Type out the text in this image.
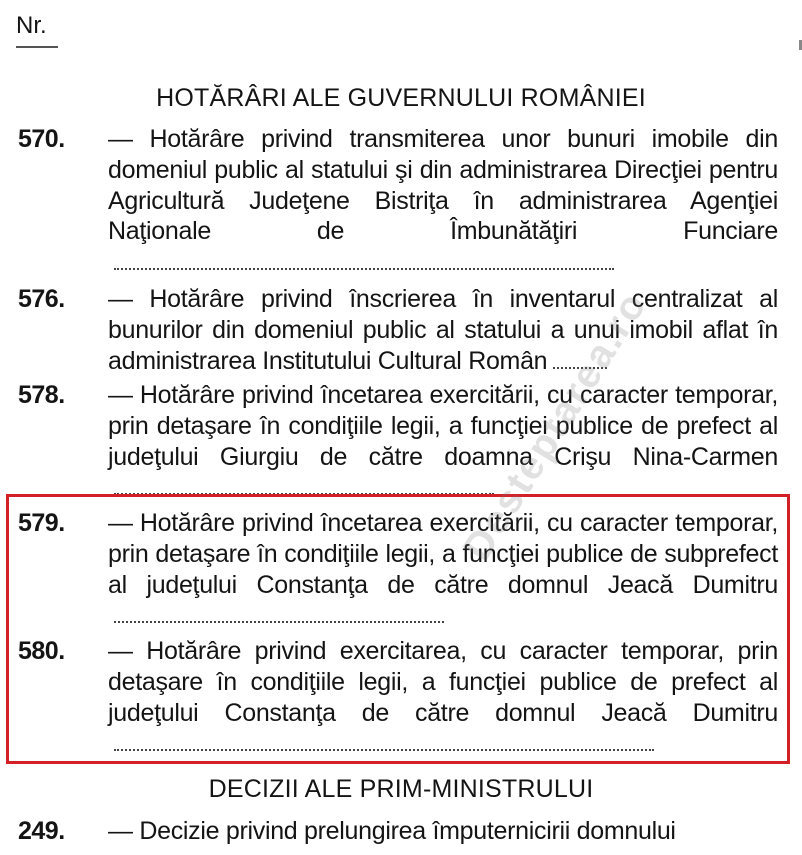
Nr.
HOTĂRÂRI ALE GUVERNULUI ROMÂNIEI
570. — Hotărâre privind transmiterea unor bunuri imobile din domeniul public al statului şi din administrarea Direcţiei pentru Agricultură Judeţene Bistriţa în administrarea Agenţiei Naţionale de Îmbunătăţiri Funciare
576. — Hotărâre privind înscrierea în inventarul centralizat al bunurilor din domeniul public al statului a unui imobil aflat în administrarea Institutului Cultural Român
578. — Hotărâre privind încetarea exercitării, cu caracter temporar, prin detaşare în condiţiile legii, a funcţiei publice de prefect al judeţului Giurgiu de către doamna Crişu Nina-Carmen
579. — Hotărâre privind încetarea exercitării, cu caracter temporar, prin detaşare în condiţiile legii, a funcţiei publice de subprefect al judeţului Constanţa de către domnul Jeacă Dumitru
580. — Hotărâre privind exercitarea, cu caracter temporar, prin detaşare în condiţiile legii, a funcţiei publice de prefect al judeţului Constanţa de către domnul Jeacă Dumitru
DECIZII ALE PRIM-MINISTRULUI
249. — Decizie privind prelungirea împuternicirii domnului
Desteptarea.ro
